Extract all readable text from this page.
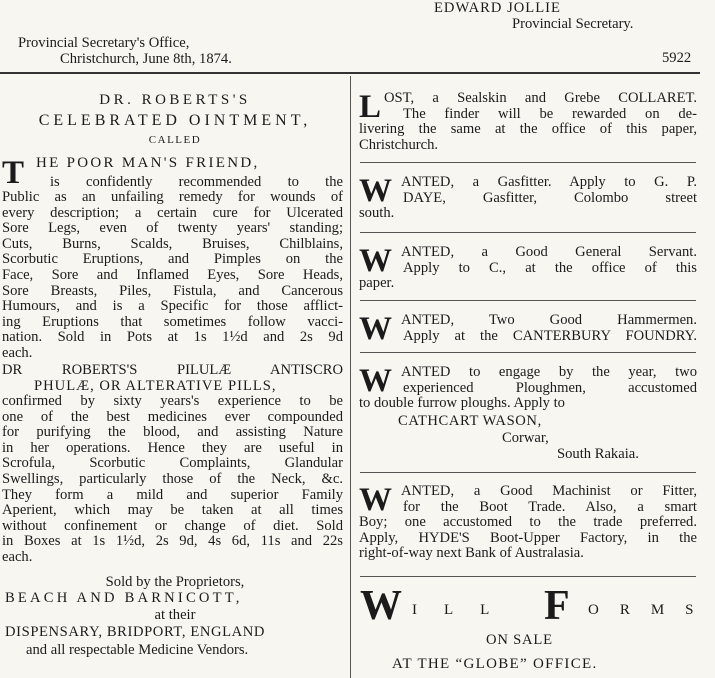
EDWARD JOLLIE
Provincial Secretary.
Provincial Secretary's Office,
Christchurch, June 8th, 1874.	5922
DR. ROBERTS'S
CELEBRATED OINTMENT,
CALLED
T HE POOR MAN'S FRIEND,
is confidently recommended to the
Public as an unfailing remedy for wounds of
every description; a certain cure for Ulcerated
Sore Legs, even of twenty years' standing;
Cuts, Burns, Scalds, Bruises, Chilblains,
Scorbutic Eruptions, and Pimples on the
Face, Sore and Inflamed Eyes, Sore Heads,
Sore Breasts, Piles, Fistula, and Cancerous
Humours, and is a Specific for those afflict-
ing Eruptions that sometimes follow vacci-
nation. Sold in Pots at 1s 1½d and 2s 9d
each.
DR ROBERTS'S PILULÆ ANTISCRO
PHULÆ, OR ALTERATIVE PILLS,
confirmed by sixty years's experience to be
one of the best medicines ever compounded
for purifying the blood, and assisting Nature
in her operations. Hence they are useful in
Scrofula, Scorbutic Complaints, Glandular
Swellings, particularly those of the Neck, &c.
They form a mild and superior Family
Aperient, which may be taken at all times
without confinement or change of diet. Sold
in Boxes at 1s 1½d, 2s 9d, 4s 6d, 11s and 22s
each.
Sold by the Proprietors,
BEACH AND BARNICOTT,
at their
DISPENSARY, BRIDPORT, ENGLAND
and all respectable Medicine Vendors.
L OST, a Sealskin and Grebe COLLARET.
The finder will be rewarded on de-
livering the same at the office of this paper,
Christchurch.
W ANTED, a Gasfitter. Apply to G. P.
DAYE, Gasfitter, Colombo street
south.
W ANTED, a Good General Servant.
Apply to C., at the office of this
paper.
W ANTED, Two Good Hammermen.
Apply at the CANTERBURY FOUNDRY.
W ANTED to engage by the year, two
experienced Ploughmen, accustomed
to double furrow ploughs. Apply to
CATHCART WASON,
Corwar,
South Rakaia.
W ANTED, a Good Machinist or Fitter,
for the Boot Trade. Also, a smart
Boy; one accustomed to the trade preferred.
Apply, HYDE'S Boot-Upper Factory, in the
right-of-way next Bank of Australasia.
W ILL F ORMS
ON SALE
AT THE “GLOBE” OFFICE.
